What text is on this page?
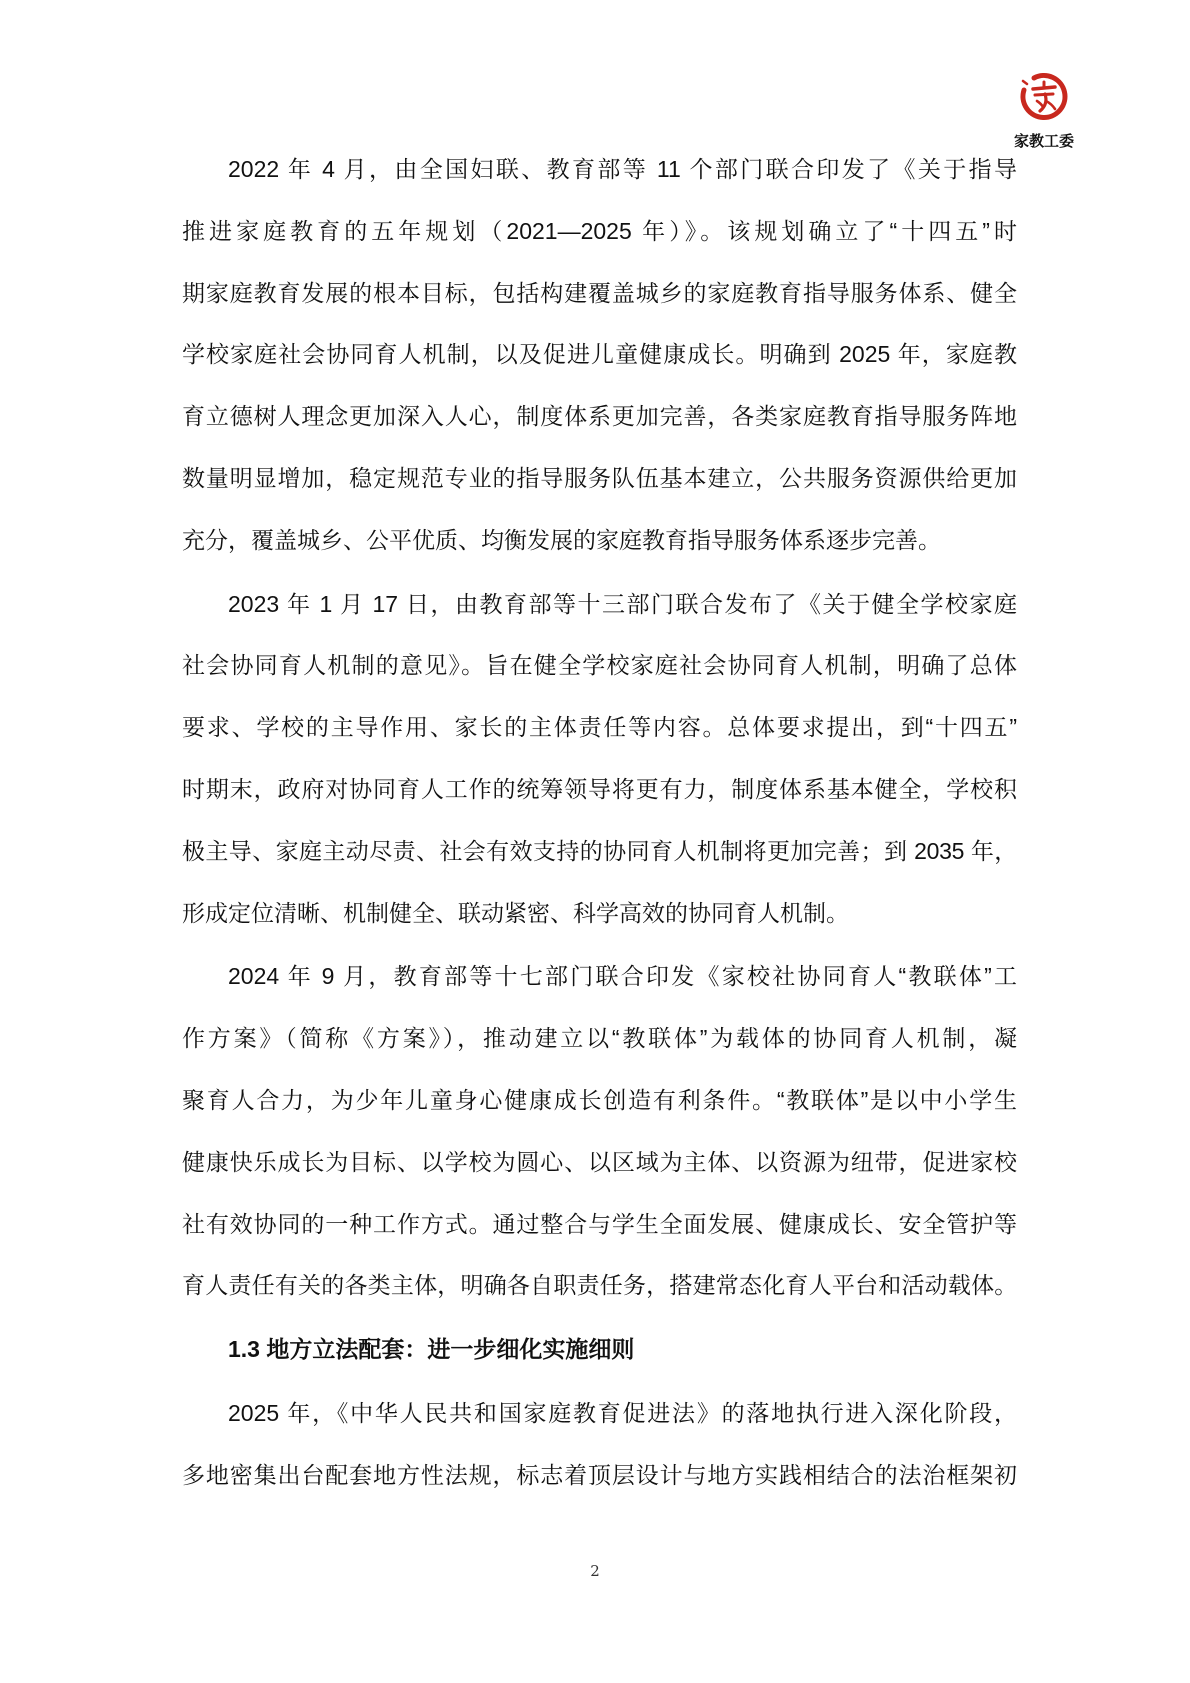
家教工委
2022 年 4 月，由全国妇联、教育部等 11 个部门联合印发了《关于指导
推进家庭教育的五年规划（2021—2025 年）》。该规划确立了“十四五”时
期家庭教育发展的根本目标，包括构建覆盖城乡的家庭教育指导服务体系、健全
学校家庭社会协同育人机制，以及促进儿童健康成长。明确到 2025 年，家庭教
育立德树人理念更加深入人心，制度体系更加完善，各类家庭教育指导服务阵地
数量明显增加，稳定规范专业的指导服务队伍基本建立，公共服务资源供给更加
充分，覆盖城乡、公平优质、均衡发展的家庭教育指导服务体系逐步完善。
2023 年 1 月 17 日，由教育部等十三部门联合发布了《关于健全学校家庭
社会协同育人机制的意见》。旨在健全学校家庭社会协同育人机制，明确了总体
要求、学校的主导作用、家长的主体责任等内容。总体要求提出，到“十四五”
时期末，政府对协同育人工作的统筹领导将更有力，制度体系基本健全，学校积
极主导、家庭主动尽责、社会有效支持的协同育人机制将更加完善；到 2035 年，
形成定位清晰、机制健全、联动紧密、科学高效的协同育人机制。
2024 年 9 月，教育部等十七部门联合印发《家校社协同育人“教联体”工
作方案》（简称《方案》），推动建立以“教联体”为载体的协同育人机制，凝
聚育人合力，为少年儿童身心健康成长创造有利条件。“教联体”是以中小学生
健康快乐成长为目标、以学校为圆心、以区域为主体、以资源为纽带，促进家校
社有效协同的一种工作方式。通过整合与学生全面发展、健康成长、安全管护等
育人责任有关的各类主体，明确各自职责任务，搭建常态化育人平台和活动载体。
1.3 地方立法配套：进一步细化实施细则
2025 年，《中华人民共和国家庭教育促进法》的落地执行进入深化阶段，
多地密集出台配套地方性法规，标志着顶层设计与地方实践相结合的法治框架初
2
